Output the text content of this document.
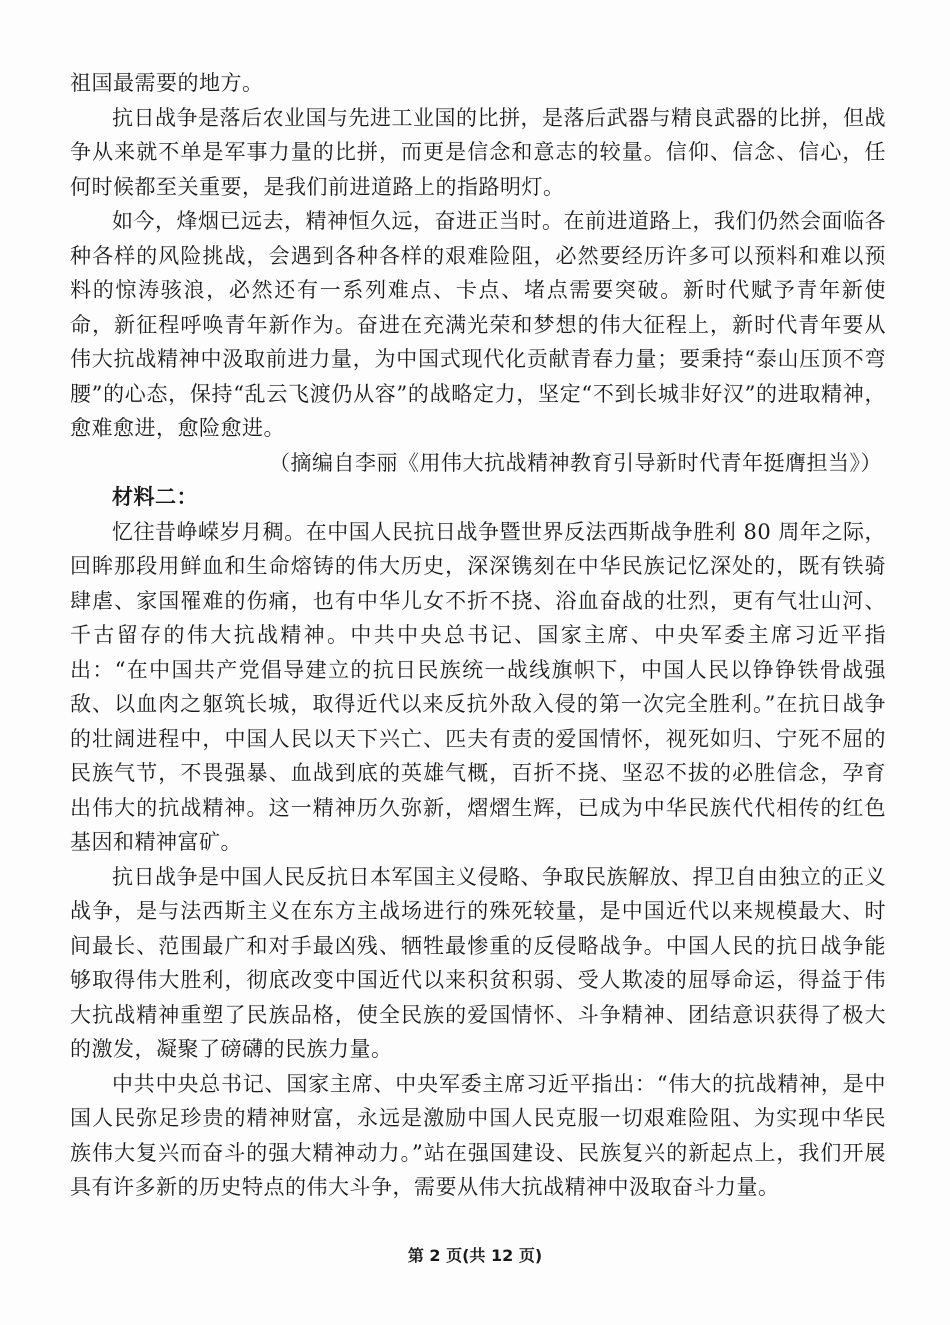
祖国最需要的地方。

抗日战争是落后农业国与先进工业国的比拼，是落后武器与精良武器的比拼，但战争从来就不单是军事力量的比拼，而更是信念和意志的较量。信仰、信念、信心，任何时候都至关重要，是我们前进道路上的指路明灯。

如今，烽烟已远去，精神恒久远，奋进正当时。在前进道路上，我们仍然会面临各种各样的风险挑战，会遇到各种各样的艰难险阻，必然要经历许多可以预料和难以预料的惊涛骇浪，必然还有一系列难点、卡点、堵点需要突破。新时代赋予青年新使命，新征程呼唤青年新作为。奋进在充满光荣和梦想的伟大征程上，新时代青年要从伟大抗战精神中汲取前进力量，为中国式现代化贡献青春力量；要秉持“泰山压顶不弯腰”的心态，保持“乱云飞渡仍从容”的战略定力，坚定“不到长城非好汉”的进取精神，愈难愈进，愈险愈进。

（摘编自李丽《用伟大抗战精神教育引导新时代青年挺膺担当》）

材料二：

忆往昔峥嵘岁月稠。在中国人民抗日战争暨世界反法西斯战争胜利 80 周年之际，回眸那段用鲜血和生命熔铸的伟大历史，深深镌刻在中华民族记忆深处的，既有铁骑肆虐、家国罹难的伤痛，也有中华儿女不折不挠、浴血奋战的壮烈，更有气壮山河、千古留存的伟大抗战精神。中共中央总书记、国家主席、中央军委主席习近平指出：“在中国共产党倡导建立的抗日民族统一战线旗帜下，中国人民以铮铮铁骨战强敌、以血肉之躯筑长城，取得近代以来反抗外敌入侵的第一次完全胜利。”在抗日战争的壮阔进程中，中国人民以天下兴亡、匹夫有责的爱国情怀，视死如归、宁死不屈的民族气节，不畏强暴、血战到底的英雄气概，百折不挠、坚忍不拔的必胜信念，孕育出伟大的抗战精神。这一精神历久弥新，熠熠生辉，已成为中华民族代代相传的红色基因和精神富矿。

抗日战争是中国人民反抗日本军国主义侵略、争取民族解放、捍卫自由独立的正义战争，是与法西斯主义在东方主战场进行的殊死较量，是中国近代以来规模最大、时间最长、范围最广和对手最凶残、牺牲最惨重的反侵略战争。中国人民的抗日战争能够取得伟大胜利，彻底改变中国近代以来积贫积弱、受人欺凌的屈辱命运，得益于伟大抗战精神重塑了民族品格，使全民族的爱国情怀、斗争精神、团结意识获得了极大的激发，凝聚了磅礴的民族力量。

中共中央总书记、国家主席、中央军委主席习近平指出：“伟大的抗战精神，是中国人民弥足珍贵的精神财富，永远是激励中国人民克服一切艰难险阻、为实现中华民族伟大复兴而奋斗的强大精神动力。”站在强国建设、民族复兴的新起点上，我们开展具有许多新的历史特点的伟大斗争，需要从伟大抗战精神中汲取奋斗力量。

第 2 页(共 12 页)
